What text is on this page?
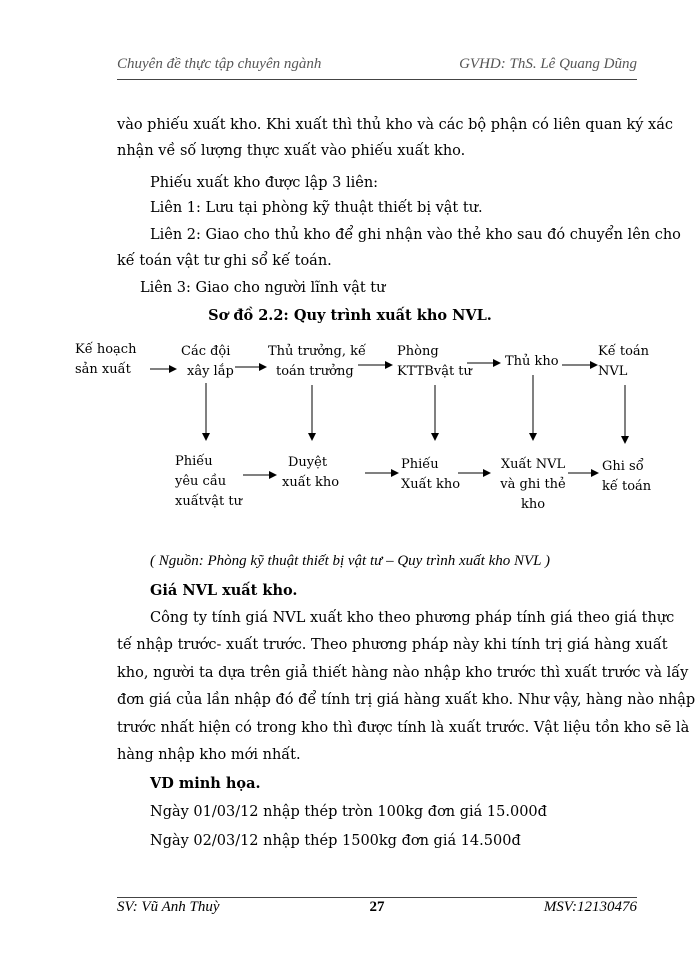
Chuyên đề thực tập chuyên ngành	GVHD: ThS. Lê Quang Dũng
vào phiếu xuất kho. Khi xuất thì thủ kho và các bộ phận có liên quan ký xác
nhận về số lượng thực xuất vào phiếu xuất kho.
Phiếu xuất kho được lập 3 liên:
Liên 1: Lưu tại phòng kỹ thuật thiết bị vật tư.
Liên 2: Giao cho thủ kho để ghi nhận vào thẻ kho sau đó chuyển lên cho
kế toán vật tư ghi sổ kế toán.
Liên 3: Giao cho người lĩnh vật tư
Sơ đồ 2.2: Quy trình xuất kho NVL.
Kế hoạch
sản xuất
Các đội
xây lắp
Thủ trưởng, kế
toán trưởng
Phòng
KTTBvật tư
Thủ kho
Kế toán
NVL
Phiếu
yêu cầu
xuấtvật tư
Duyệt
xuất kho
Phiếu
Xuất kho
Xuất NVL
và ghi thẻ
kho
Ghi sổ
kế toán
( Nguồn: Phòng kỹ thuật thiết bị vật tư – Quy trình xuất kho NVL )
Giá NVL xuất kho.
Công ty tính giá NVL xuất kho theo phương pháp tính giá theo giá thực
tế nhập trước- xuất trước. Theo phương pháp này khi tính trị giá hàng xuất
kho, người ta dựa trên giả thiết hàng nào nhập kho trước thì xuất trước và lấy
đơn giá của lần nhập đó để tính trị giá hàng xuất kho. Như vậy, hàng nào nhập
trước nhất hiện có trong kho thì được tính là xuất trước. Vật liệu tồn kho sẽ là
hàng nhập kho mới nhất.
VD minh họa.
Ngày 01/03/12 nhập thép tròn 100kg đơn giá 15.000đ
Ngày 02/03/12 nhập thép 1500kg đơn giá 14.500đ
SV: Vũ Anh Thuỳ	27	MSV:12130476
